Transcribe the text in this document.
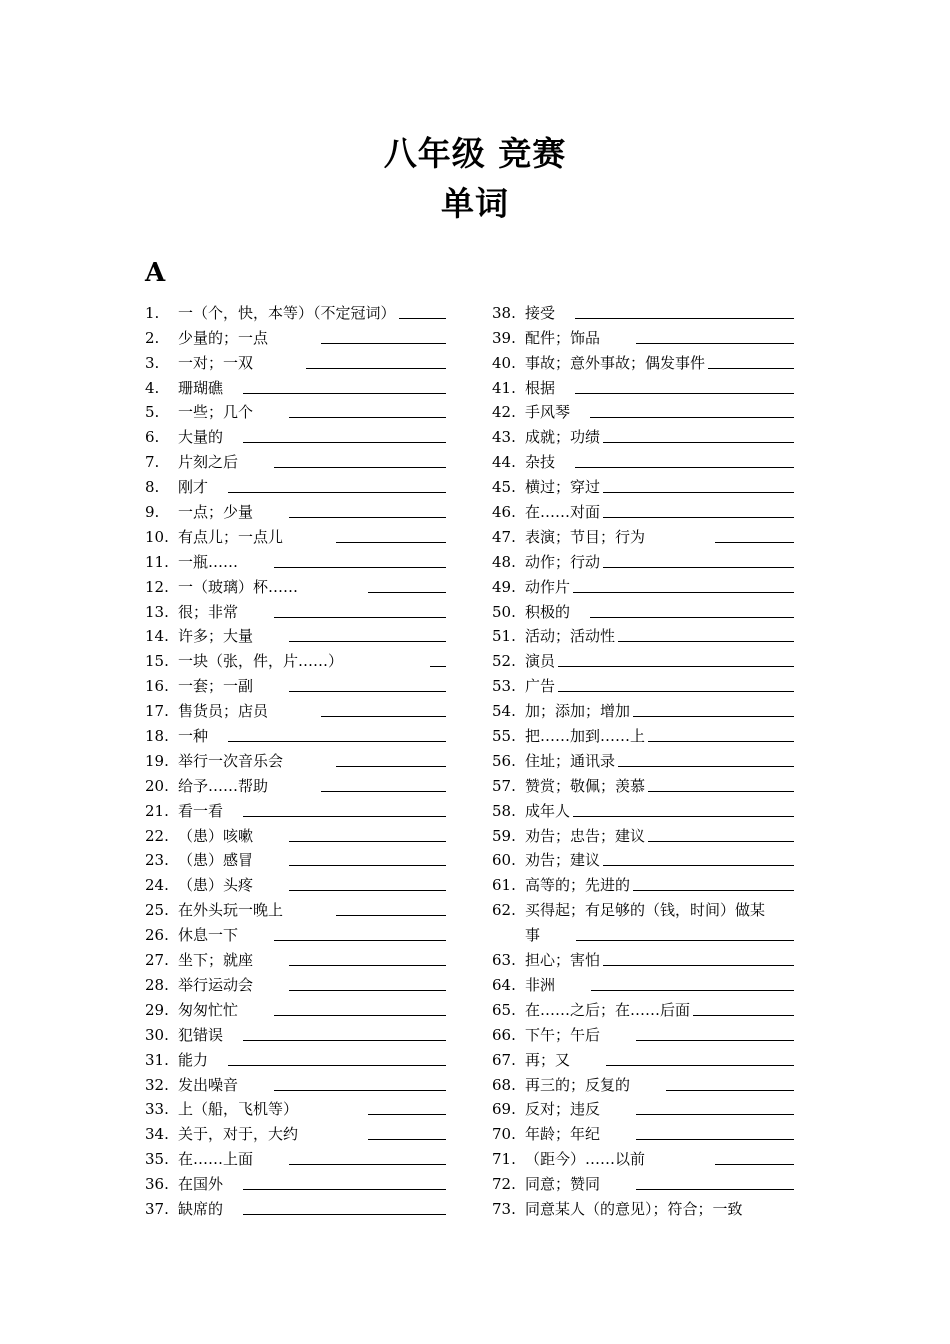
八年级 竞赛
单词
A
1.	一（个，快，本等）（不定冠词）
2.	少量的；一点
3.	一对；一双
4.	珊瑚礁
5.	一些；几个
6.	大量的
7.	片刻之后
8.	刚才
9.	一点；少量
10. 有点儿；一点儿
11. 一瓶……
12. 一（玻璃）杯……
13. 很；非常
14. 许多；大量
15. 一块（张，件，片……）
16. 一套；一副
17. 售货员；店员
18. 一种
19. 举行一次音乐会
20. 给予……帮助
21. 看一看
22. （患）咳嗽
23. （患）感冒
24. （患）头疼
25. 在外头玩一晚上
26. 休息一下
27. 坐下；就座
28. 举行运动会
29. 匆匆忙忙
30. 犯错误
31. 能力
32. 发出噪音
33. 上（船，飞机等）
34. 关于，对于，大约
35. 在……上面
36. 在国外
37. 缺席的
38. 接受
39. 配件；饰品
40. 事故；意外事故；偶发事件
41. 根据
42. 手风琴
43. 成就；功绩
44. 杂技
45. 横过；穿过
46. 在……对面
47. 表演；节目；行为
48. 动作；行动
49. 动作片
50. 积极的
51. 活动；活动性
52. 演员
53. 广告
54. 加；添加；增加
55. 把……加到……上
56. 住址；通讯录
57. 赞赏；敬佩；羡慕
58. 成年人
59. 劝告；忠告；建议
60. 劝告；建议
61. 高等的；先进的
62. 买得起；有足够的（钱，时间）做某
事
63. 担心；害怕
64. 非洲
65. 在……之后；在……后面
66. 下午；午后
67. 再；又
68. 再三的；反复的
69. 反对；违反
70. 年龄；年纪
71. （距今）……以前
72. 同意；赞同
73. 同意某人（的意见）；符合；一致
